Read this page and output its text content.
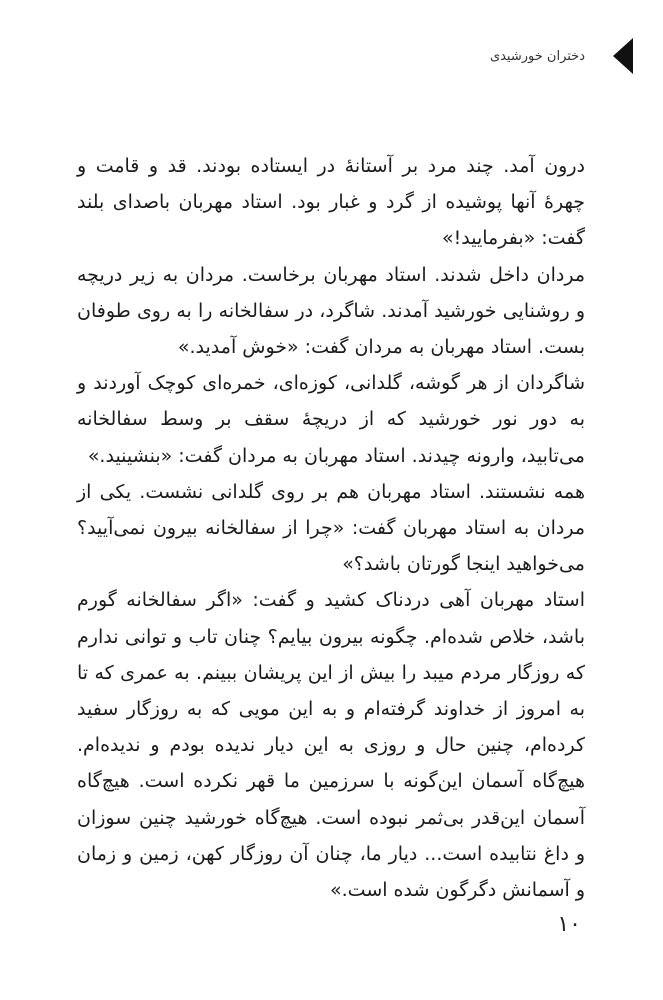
دختران خورشیدی

درون آمد. چند مرد بر آستانهٔ در ایستاده بودند. قد و قامت و چهرهٔ آنها پوشیده از گرد و غبار بود. استاد مهربان باصدای بلند گفت: «بفرمایید!»

مردان داخل شدند. استاد مهربان برخاست. مردان به زیر دریچه و روشنایی خورشید آمدند. شاگرد، در سفالخانه را به روی طوفان بست. استاد مهربان به مردان گفت: «خوش آمدید.»

شاگردان از هر گوشه، گلدانی، کوزه‌ای، خمره‌ای کوچک آوردند و به دور نور خورشید که از دریچهٔ سقف بر وسط سفالخانه می‌تابید، وارونه چیدند. استاد مهربان به مردان گفت: «بنشینید.»

همه نشستند. استاد مهربان هم بر روی گلدانی نشست. یکی از مردان به استاد مهربان گفت: «چرا از سفالخانه بیرون نمی‌آیید؟ می‌خواهید اینجا گورتان باشد؟»

استاد مهربان آهی دردناک کشید و گفت: «اگر سفالخانه گورم باشد، خلاص شده‌ام. چگونه بیرون بیایم؟ چنان تاب و توانی ندارم که روزگار مردم میبد را بیش از این پریشان ببینم. به عمری که تا به امروز از خداوند گرفته‌ام و به این مویی که به روزگار سفید کرده‌ام، چنین حال و روزی به این دیار ندیده بودم و ندیده‌ام. هیچ‌گاه آسمان این‌گونه با سرزمین ما قهر نکرده است. هیچ‌گاه آسمان این‌قدر بی‌ثمر نبوده است. هیچ‌گاه خورشید چنین سوزان و داغ نتابیده است... دیار ما، چنان آن روزگار کهن، زمین و زمان و آسمانش دگرگون شده است.»

۱۰
